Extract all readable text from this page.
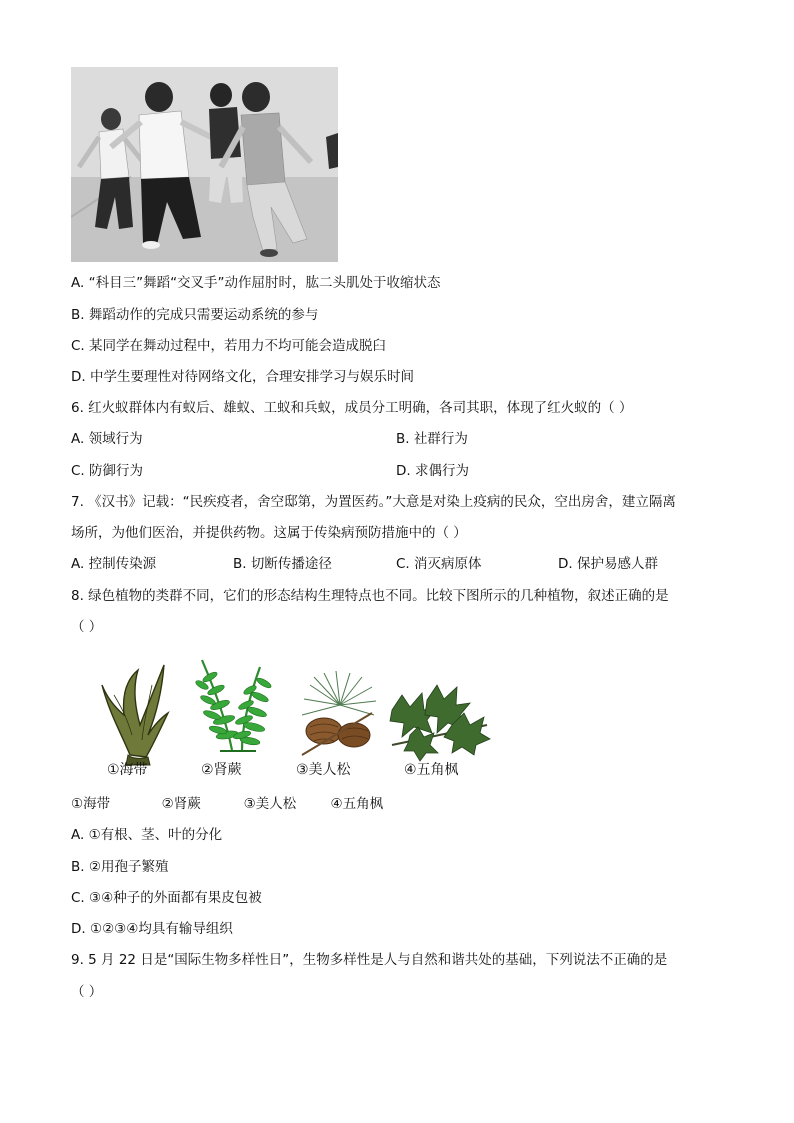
A. “科目三”舞蹈“交叉手”动作屈肘时，肱二头肌处于收缩状态
B. 舞蹈动作的完成只需要运动系统的参与
C. 某同学在舞动过程中，若用力不均可能会造成脱臼
D. 中学生要理性对待网络文化，合理安排学习与娱乐时间
6. 红火蚁群体内有蚁后、雄蚁、工蚁和兵蚁，成员分工明确，各司其职，体现了红火蚁的（ ）
A. 领域行为	B. 社群行为
C. 防御行为	D. 求偶行为
7. 《汉书》记载：“民疾疫者，舍空邸第，为置医药。”大意是对染上疫病的民众，空出房舍，建立隔离
场所，为他们医治，并提供药物。这属于传染病预防措施中的（ ）
A. 控制传染源	B. 切断传播途径	C. 消灭病原体	D. 保护易感人群
8. 绿色植物的类群不同，它们的形态结构生理特点也不同。比较下图所示的几种植物，叙述正确的是
（ ）
①海带	②肾蕨	③美人松	④五角枫
①海带            ②肾蕨          ③美人松        ④五角枫
A. ①有根、茎、叶的分化
B. ②用孢子繁殖
C. ③④种子的外面都有果皮包被
D. ①②③④均具有输导组织
9. 5 月 22 日是“国际生物多样性日”，生物多样性是人与自然和谐共处的基础，下列说法不正确的是
（ ）
